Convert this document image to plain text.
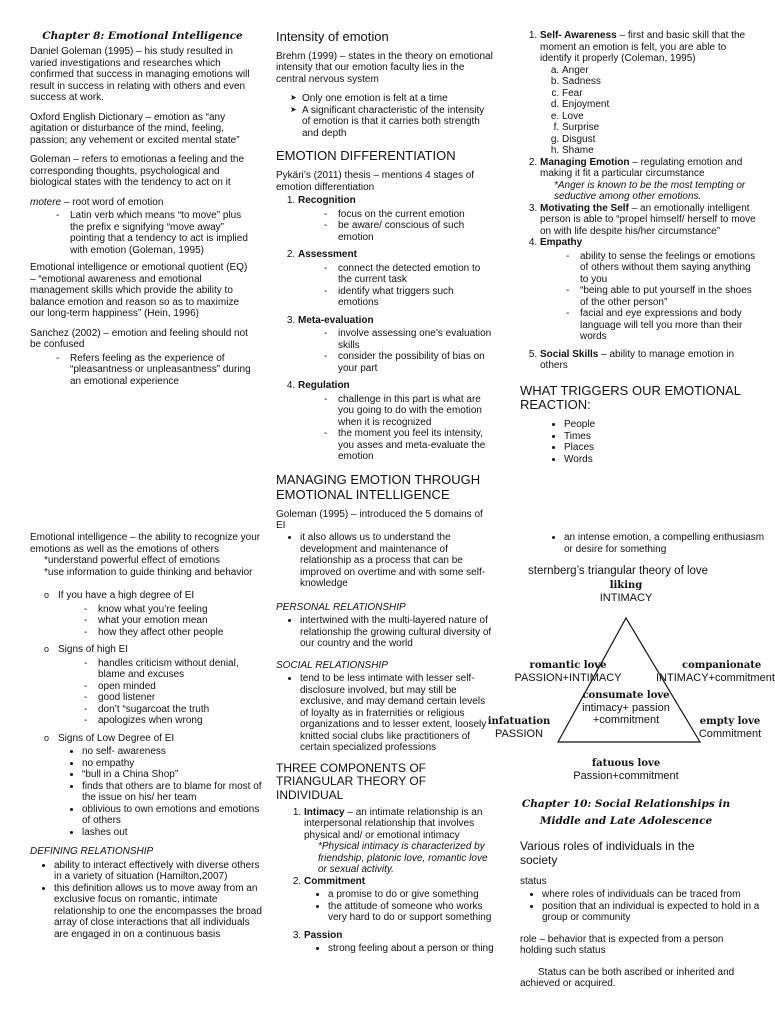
Chapter 8: Emotional Intelligence

Daniel Goleman (1995) – his study resulted in varied investigations and researches which confirmed that success in managing emotions will result in success in relating with others and even success at work.

Oxford English Dictionary – emotion as “any agitation or disturbance of the mind, feeling, passion; any vehement or excited mental state”

Goleman – refers to emotionas a feeling and the corresponding thoughts, psychological and biological states with the tendency to act on it

motere – root word of emotion
- Latin verb which means “to move” plus the prefix e signifying “move away” pointing that a tendency to act is implied with emotion (Goleman, 1995)

Emotional intelligence or emotional quotient (EQ) – “emotional awareness and emotional management skills which provide the ability to balance emotion and reason so as to maximize our long-term happiness” (Hein, 1996)

Sanchez (2002) – emotion and feeling should not be confused

- Refers feeling as the experience of “pleasantness or unpleasantness” during an emotional experience
Intensity of emotion

Brehm (1999) – states in the theory on emotional intensity that our emotion faculty lies in the central nervous system

➤ Only one emotion is felt at a time
➤ A significant characteristic of the intensity of emotion is that it carries both strength and depth
EMOTION DIFFERENTIATION
Pykäri’s (2011) thesis – mentions 4 stages of emotion differentiation
1. Recognition
- focus on the current emotion
- be aware/ conscious of such emotion
2. Assessment
- connect the detected emotion to the current task
- identify what triggers such emotions
3. Meta-evaluation
- involve assessing one’s evaluation skills
- consider the possibility of bias on your part
4. Regulation
- challenge in this part is what are you going to do with the emotion when it is recognized
- the moment you feel its intensity, you asses and meta-evaluate the emotion
MANAGING EMOTION THROUGH EMOTIONAL INTELLIGENCE
Goleman (1995) – introduced the 5 domains of EI
1. Self- Awareness – first and basic skill that the moment an emotion is felt, you are able to identify it properly (Coleman, 1995)
a. Anger
b. Sadness
c. Fear
d. Enjoyment
e. Love
f. Surprise
g. Disgust
h. Shame
2. Managing Emotion – regulating emotion and making it fit a particular circumstance
*Anger is known to be the most tempting or seductive among other emotions.
3. Motivating the Self – an emotionally intelligent person is able to “propel himself/ herself to move on with life despite his/her circumstance”
4. Empathy
- ability to sense the feelings or emotions of others without them saying anything to you
- “being able to put yourself in the shoes of the other person”
- facial and eye expressions and body language will tell you more than their words
5. Social Skills – ability to manage emotion in others
WHAT TRIGGERS OUR EMOTIONAL REACTION:
• People
• Times
• Places
• Words
Emotional intelligence – the ability to recognize your emotions as well as the emotions of others
*understand powerful effect of emotions
*use information to guide thinking and behavior
o If you have a high degree of EI
- know what you’re feeling
- what your emotion mean
- how they affect other people
o Signs of high EI
- handles criticism without denial, blame and excuses
- open minded
- good listener
- don’t “sugarcoat the truth
- apologizes when wrong
o Signs of Low Degree of EI
• no self- awareness
• no empathy
• “bull in a China Shop”
• finds that others are to blame for most of the issue on his/ her team
• oblivious to own emotions and emotions of others
• lashes out
DEFINING RELATIONSHIP
• ability to interact effectively with diverse others in a variety of situation (Hamilton,2007)
• this definition allows us to move away from an exclusive focus on romantic, intimate relationship to one the encompasses the broad array of close interactions that all individuals are engaged in on a continuous basis
• it also allows us to understand the development and maintenance of relationship as a process that can be improved on overtime and with some self-knowledge
PERSONAL RELATIONSHIP
• intertwined with the multi-layered nature of relationship the growing cultural diversity of our country and the world
SOCIAL RELATIONSHIP
• tend to be less intimate with lesser self-disclosure involved, but may still be exclusive, and may demand certain levels of loyalty as in fraternities or religious organizations and to lesser extent, loosely knitted social clubs like practitioners of certain specialized professions
THREE COMPONENTS OF TRIANGULAR THEORY OF INDIVIDUAL
1. Intimacy – an intimate relationship is an interpersonal relationship that involves physical and/ or emotional intimacy
*Physical intimacy is characterized by friendship, platonic love, romantic love or sexual activity.
2. Commitment
• a promise to do or give something
• the attitude of someone who works very hard to do or support something
3. Passion
• strong feeling about a person or thing
• an intense emotion, a compelling enthusiasm or desire for something
sternberg’s triangular theory of love
liking
INTIMACY
romantic love
PASSION+INTIMACY
companionate
INTIMACY+commitment
consumate love
intimacy+ passion +commitment
infatuation
PASSION
empty love
Commitment
fatuous love
Passion+commitment
Chapter 10: Social Relationships in Middle and Late Adolescence
Various roles of individuals in the society
status
• where roles of individuals can be traced from
• position that an individual is expected to hold in a group or community
role – behavior that is expected from a person holding such status
Status can be both ascribed or inherited and achieved or acquired.
